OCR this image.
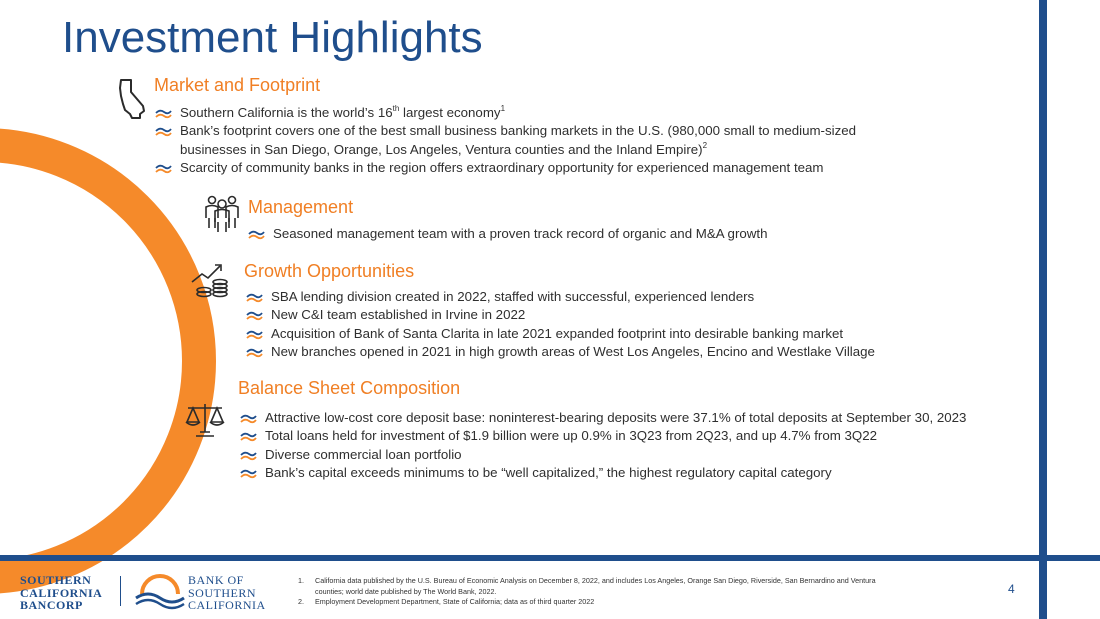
Investment Highlights
Market and Footprint
Southern California is the world’s 16th largest economy$^1$
Bank’s footprint covers one of the best small business banking markets in the U.S. (980,000 small to medium-sized
businesses in San Diego, Orange, Los Angeles, Ventura counties and the Inland Empire)$^2$
Scarcity of community banks in the region offers extraordinary opportunity for experienced management team
Management
Seasoned management team with a proven track record of organic and M&A growth
Growth Opportunities
SBA lending division created in 2022, staffed with successful, experienced lenders
New C&I team established in Irvine in 2022
Acquisition of Bank of Santa Clarita in late 2021 expanded footprint into desirable banking market
New branches opened in 2021 in high growth areas of West Los Angeles, Encino and Westlake Village
Balance Sheet Composition
Attractive low-cost core deposit base: noninterest-bearing deposits were 37.1% of total deposits at September 30, 2023
Total loans held for investment of $1.9 billion were up 0.9% in 3Q23 from 2Q23, and up 4.7% from 3Q22
Diverse commercial loan portfolio
Bank’s capital exceeds minimums to be “well capitalized,” the highest regulatory capital category
SOUTHERN
CALIFORNIA
BANCORP
BANK OF
SOUTHERN
CALIFORNIA
1. California data published by the U.S. Bureau of Economic Analysis on December 8, 2022, and includes Los Angeles, Orange San Diego, Riverside, San Bernardino and Ventura
counties; world date published by The World Bank, 2022.
2. Employment Development Department, State of California; data as of third quarter 2022
4
